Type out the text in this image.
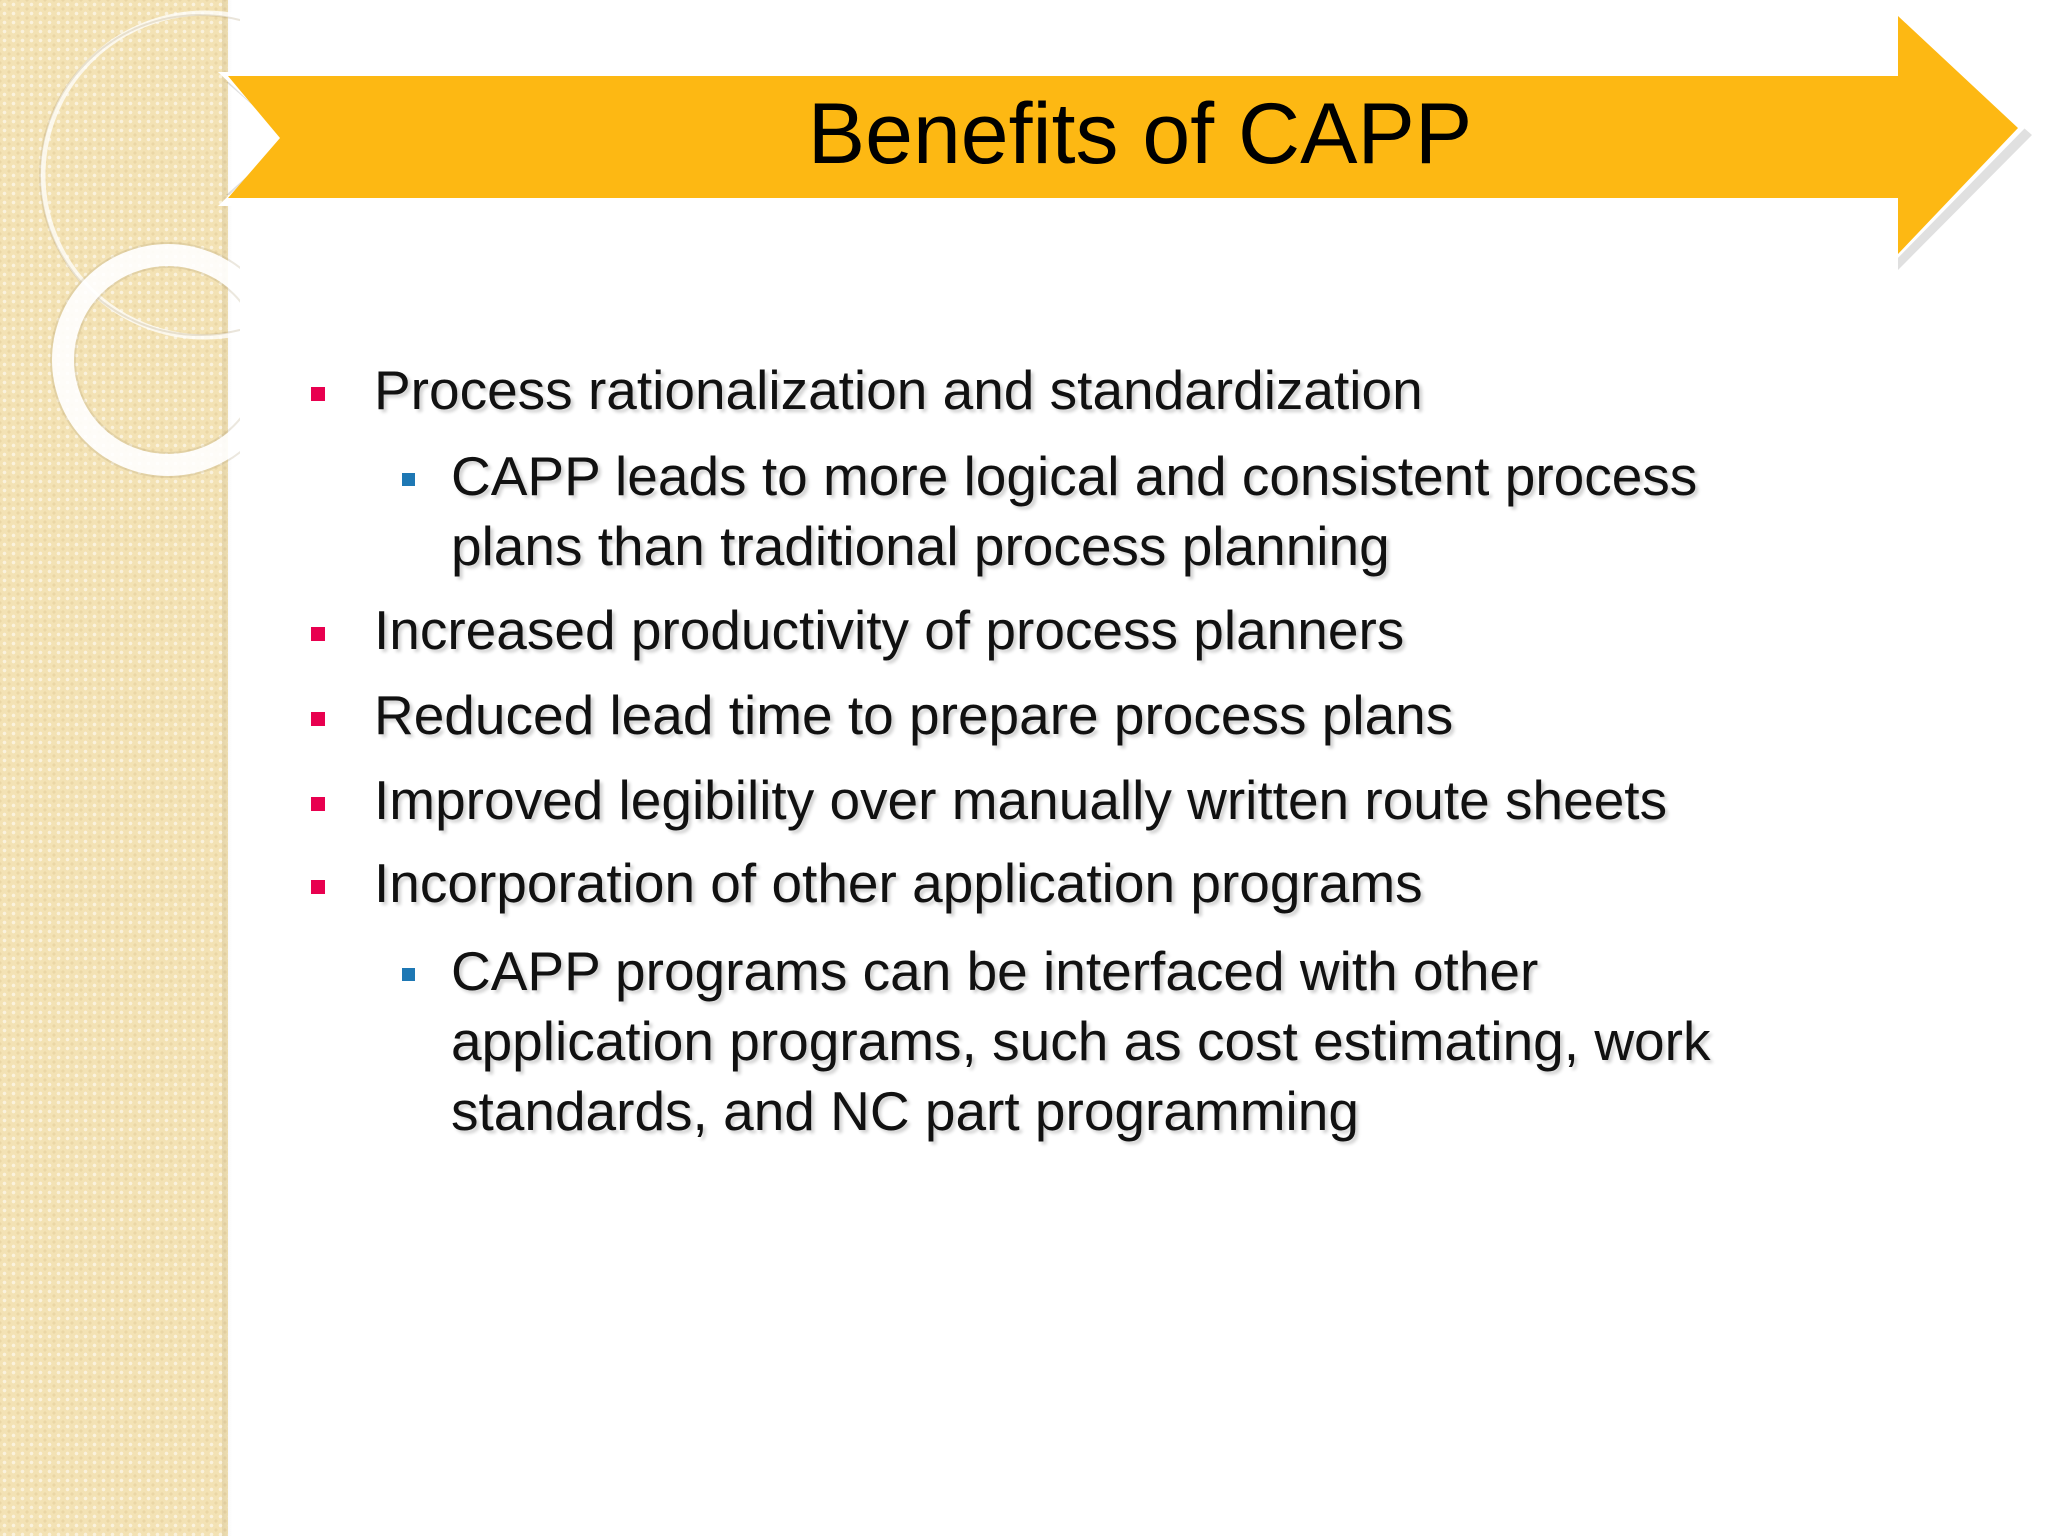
Benefits of CAPP
Process rationalization and standardization
CAPP leads to more logical and consistent process
plans than traditional process planning
Increased productivity of process planners
Reduced lead time to prepare process plans
Improved legibility over manually written route sheets
Incorporation of other application programs
CAPP programs can be interfaced with other
application programs, such as cost estimating, work
standards, and NC part programming
